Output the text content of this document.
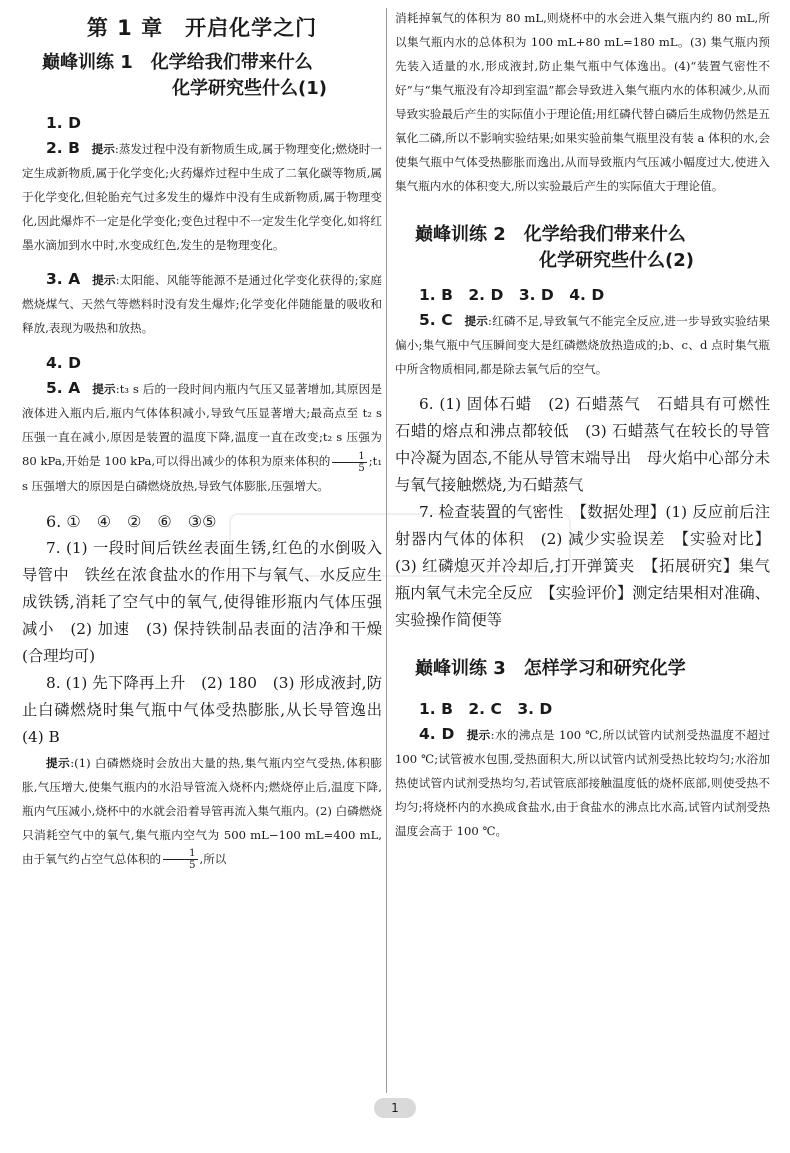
第 1 章　开启化学之门
巅峰训练 1　化学给我们带来什么
化学研究些什么(1)

1. D

2. B　 提示:蒸发过程中没有新物质生成,属于物理变化;燃烧时一定生成新物质,属于化学变化;火药爆炸过程中生成了二氧化碳等物质,属于化学变化,但轮胎充气过多发生的爆炸中没有生成新物质,属于物理变化,因此爆炸不一定是化学变化;变色过程中不一定发生化学变化,如将红墨水滴加到水中时,水变成红色,发生的是物理变化。

3. A　 提示:太阳能、风能等能源不是通过化学变化获得的;家庭燃烧煤气、天然气等燃料时没有发生爆炸;化学变化伴随能量的吸收和释放,表现为吸热和放热。

4. D

5. A　 提示:t₃ s 后的一段时间内瓶内气压又显著增加,其原因是液体进入瓶内后,瓶内气体体积减小,导致气压显著增大;最高点至 t₂ s 压强一直在减小,原因是装置的温度下降,温度一直在改变;t₂ s 压强为80 kPa,开始是 100 kPa,可以得出减少的体积为原来体积的 $\frac{1}{5}$ ;t₁ s 压强增大的原因是白磷燃烧放热,导致气体膨胀,压强增大。

6. ①　④　②　⑥　③⑤

7. (1) 一段时间后铁丝表面生锈,红色的水倒吸入导管中　铁丝在浓食盐水的作用下与氧气、水反应生成铁锈,消耗了空气中的氧气,使得锥形瓶内气体压强减小　(2) 加速　(3) 保持铁制品表面的洁净和干燥(合理均可)

8. (1) 先下降再上升　(2) 180　(3) 形成液封,防止白磷燃烧时集气瓶中气体受热膨胀,从长导管逸出　(4) B

提示:(1) 白磷燃烧时会放出大量的热,集气瓶内空气受热,体积膨胀,气压增大,使集气瓶内的水沿导管流入烧杯内;燃烧停止后,温度下降,瓶内气压减小,烧杯中的水就会沿着导管再流入集气瓶内。(2) 白磷燃烧只消耗空气中的氧气,集气瓶内空气为 500 mL−100 mL=400 mL,由于氧气约占空气总体积的 $\frac{1}{5}$ ,所以

消耗掉氧气的体积为 80 mL,则烧杯中的水会进入集气瓶内约 80 mL,所以集气瓶内水的总体积为 100 mL+80 mL=180 mL。(3) 集气瓶内预先装入适量的水,形成液封,防止集气瓶中气体逸出。(4)“装置气密性不好”与“集气瓶没有冷却到室温”都会导致进入集气瓶内水的体积减少,从而导致实验最后产生的实际值小于理论值;用红磷代替白磷后生成物仍然是五氧化二磷,所以不影响实验结果;如果实验前集气瓶里没有装 a 体积的水,会使集气瓶中气体受热膨胀而逸出,从而导致瓶内气压减小幅度过大,使进入集气瓶内水的体积变大,所以实验最后产生的实际值大于理论值。

巅峰训练 2　化学给我们带来什么
化学研究些什么(2)

1. B　2. D　3. D　4. D

5. C　 提示:红磷不足,导致氧气不能完全反应,进一步导致实验结果偏小;集气瓶中气压瞬间变大是红磷燃烧放热造成的;b、c、d 点时集气瓶中所含物质相同,都是除去氧气后的空气。

6. (1) 固体石蜡　(2) 石蜡蒸气　石蜡具有可燃性　石蜡的熔点和沸点都较低　(3) 石蜡蒸气在较长的导管中冷凝为固态,不能从导管末端导出　母火焰中心部分未与氧气接触燃烧,为石蜡蒸气

7. 检查装置的气密性　【数据处理】(1) 反应前后注射器内气体的体积　(2) 减少实验误差　【实验对比】(3) 红磷熄灭并冷却后,打开弹簧夹　【拓展研究】集气瓶内氧气未完全反应　【实验评价】测定结果相对准确、实验操作简便等

巅峰训练 3　怎样学习和研究化学

1. B　2. C　3. D

4. D　 提示:水的沸点是 100 ℃,所以试管内试剂受热温度不超过 100 ℃;试管被水包围,受热面积大,所以试管内试剂受热比较均匀;水浴加热使试管内试剂受热均匀,若试管底部接触温度低的烧杯底部,则使受热不均匀;将烧杯内的水换成食盐水,由于食盐水的沸点比水高,试管内试剂受热温度会高于 100 ℃。

1
